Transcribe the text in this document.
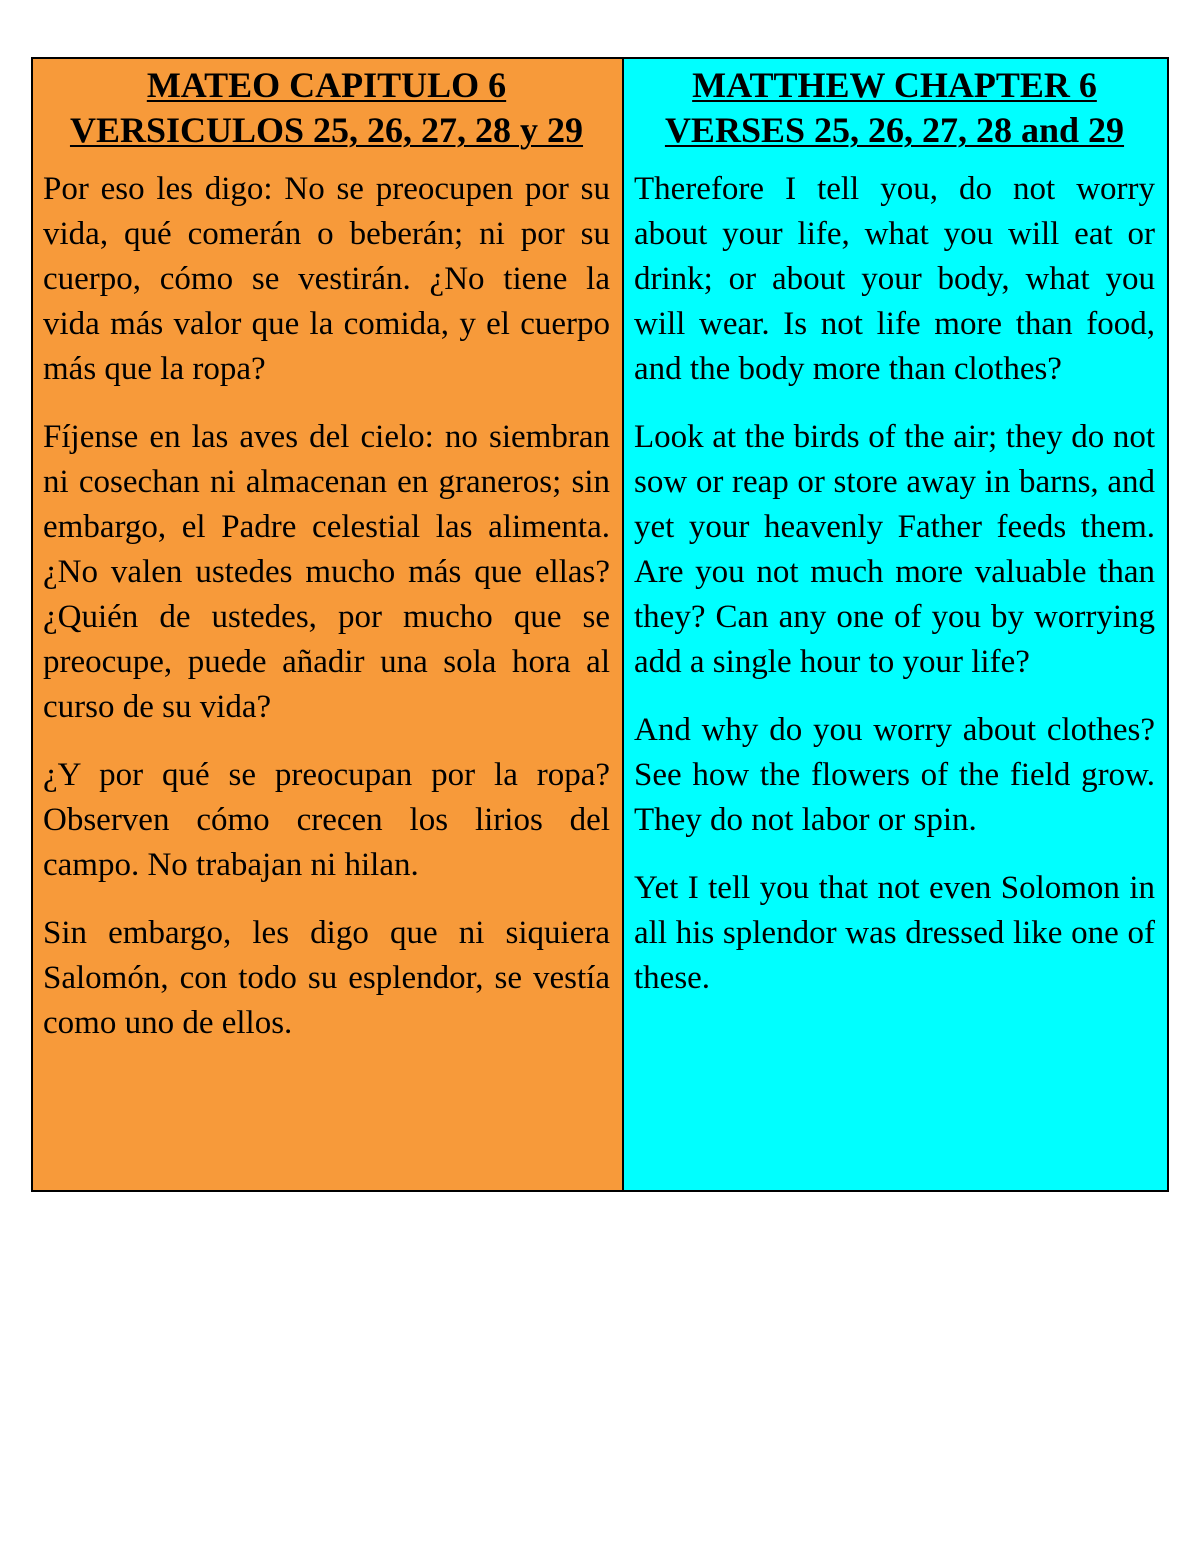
MATEO CAPITULO 6
VERSICULOS 25, 26, 27, 28 y 29

Por eso les digo: No se preocupen por su vida, qué comerán o beberán; ni por su cuerpo, cómo se vestirán. ¿No tiene la vida más valor que la comida, y el cuerpo más que la ropa?

Fíjense en las aves del cielo: no siembran ni cosechan ni almacenan en graneros; sin embargo, el Padre celestial las alimenta. ¿No valen ustedes mucho más que ellas? ¿Quién de ustedes, por mucho que se preocupe, puede añadir una sola hora al curso de su vida?

¿Y por qué se preocupan por la ropa? Observen cómo crecen los lirios del campo. No trabajan ni hilan.

Sin embargo, les digo que ni siquiera Salomón, con todo su esplendor, se vestía como uno de ellos.

MATTHEW CHAPTER 6
VERSES 25, 26, 27, 28 and 29

Therefore I tell you, do not worry about your life, what you will eat or drink; or about your body, what you will wear. Is not life more than food, and the body more than clothes?

Look at the birds of the air; they do not sow or reap or store away in barns, and yet your heavenly Father feeds them. Are you not much more valuable than they? Can any one of you by worrying add a single hour to your life?

And why do you worry about clothes? See how the flowers of the field grow. They do not labor or spin.

Yet I tell you that not even Solomon in all his splendor was dressed like one of these.
